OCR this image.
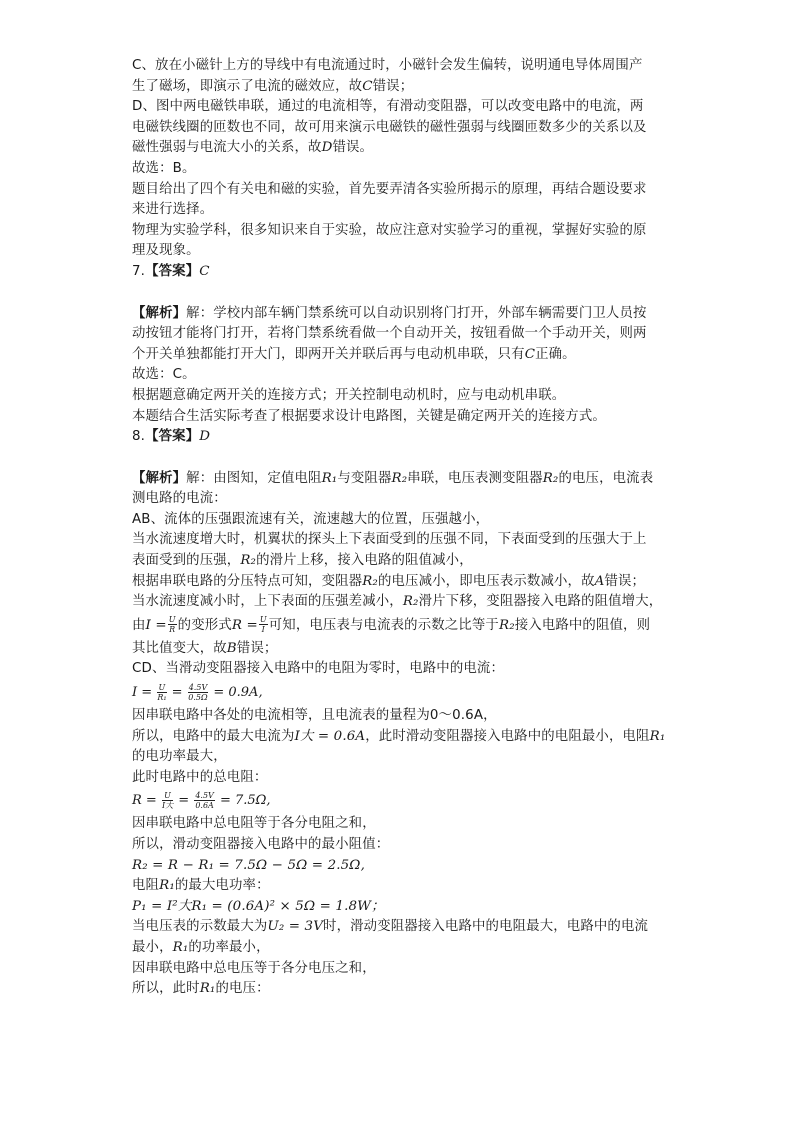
C、放在小磁针上方的导线中有电流通过时，小磁针会发生偏转，说明通电导体周围产
生了磁场，即演示了电流的磁效应，故C错误；
D、图中两电磁铁串联，通过的电流相等，有滑动变阻器，可以改变电路中的电流，两
电磁铁线圈的匝数也不同，故可用来演示电磁铁的磁性强弱与线圈匝数多少的关系以及
磁性强弱与电流大小的关系，故D错误。
故选：B。
题目给出了四个有关电和磁的实验，首先要弄清各实验所揭示的原理，再结合题设要求
来进行选择。
物理为实验学科，很多知识来自于实验，故应注意对实验学习的重视，掌握好实验的原
理及现象。
7.【答案】C
【解析】解：学校内部车辆门禁系统可以自动识别将门打开，外部车辆需要门卫人员按
动按钮才能将门打开，若将门禁系统看做一个自动开关，按钮看做一个手动开关，则两
个开关单独都能打开大门，即两开关并联后再与电动机串联，只有C正确。
故选：C。
根据题意确定两开关的连接方式；开关控制电动机时，应与电动机串联。
本题结合生活实际考查了根据要求设计电路图，关键是确定两开关的连接方式。
8.【答案】D
【解析】解：由图知，定值电阻R₁与变阻器R₂串联，电压表测变阻器R₂的电压，电流表
测电路的电流：
AB、流体的压强跟流速有关，流速越大的位置，压强越小，
当水流速度增大时，机翼状的探头上下表面受到的压强不同，下表面受到的压强大于上
表面受到的压强，R₂的滑片上移，接入电路的阻值减小，
根据串联电路的分压特点可知，变阻器R₂的电压减小，即电压表示数减小，故A错误；
当水流速度减小时，上下表面的压强差减小，R₂滑片下移，变阻器接入电路的阻值增大，
由$I = \frac{U}{R}$ 的变形式$R = \frac{U}{I}$ 可知，电压表与电流表的示数之比等于R₂接入电路中的阻值，则
其比值变大，故B错误；
CD、当滑动变阻器接入电路中的电阻为零时，电路中的电流：
$I = \frac{U}{\text{R₁}} = \frac{4.5V}{0.5\Omega} = 0.9A$,
因串联电路中各处的电流相等，且电流表的量程为0～0.6A，
所以，电路中的最大电流为I大 = 0.6A，此时滑动变阻器接入电路中的电阻最小，电阻R₁
的电功率最大，
此时电路中的总电阻：
$R = \frac{U}{\text{I大}} = \frac{4.5V}{0.6A} = 7.5\Omega$,
因串联电路中总电阻等于各分电阻之和，
所以，滑动变阻器接入电路中的最小阻值：
R₂ = R − R₁ = 7.5Ω − 5Ω = 2.5Ω,
电阻R₁的最大电功率：
P₁ = I²大R₁ = (0.6A)² × 5Ω = 1.8W；
当电压表的示数最大为U₂ = 3V时，滑动变阻器接入电路中的电阻最大，电路中的电流
最小，R₁的功率最小，
因串联电路中总电压等于各分电压之和，
所以，此时R₁的电压：
